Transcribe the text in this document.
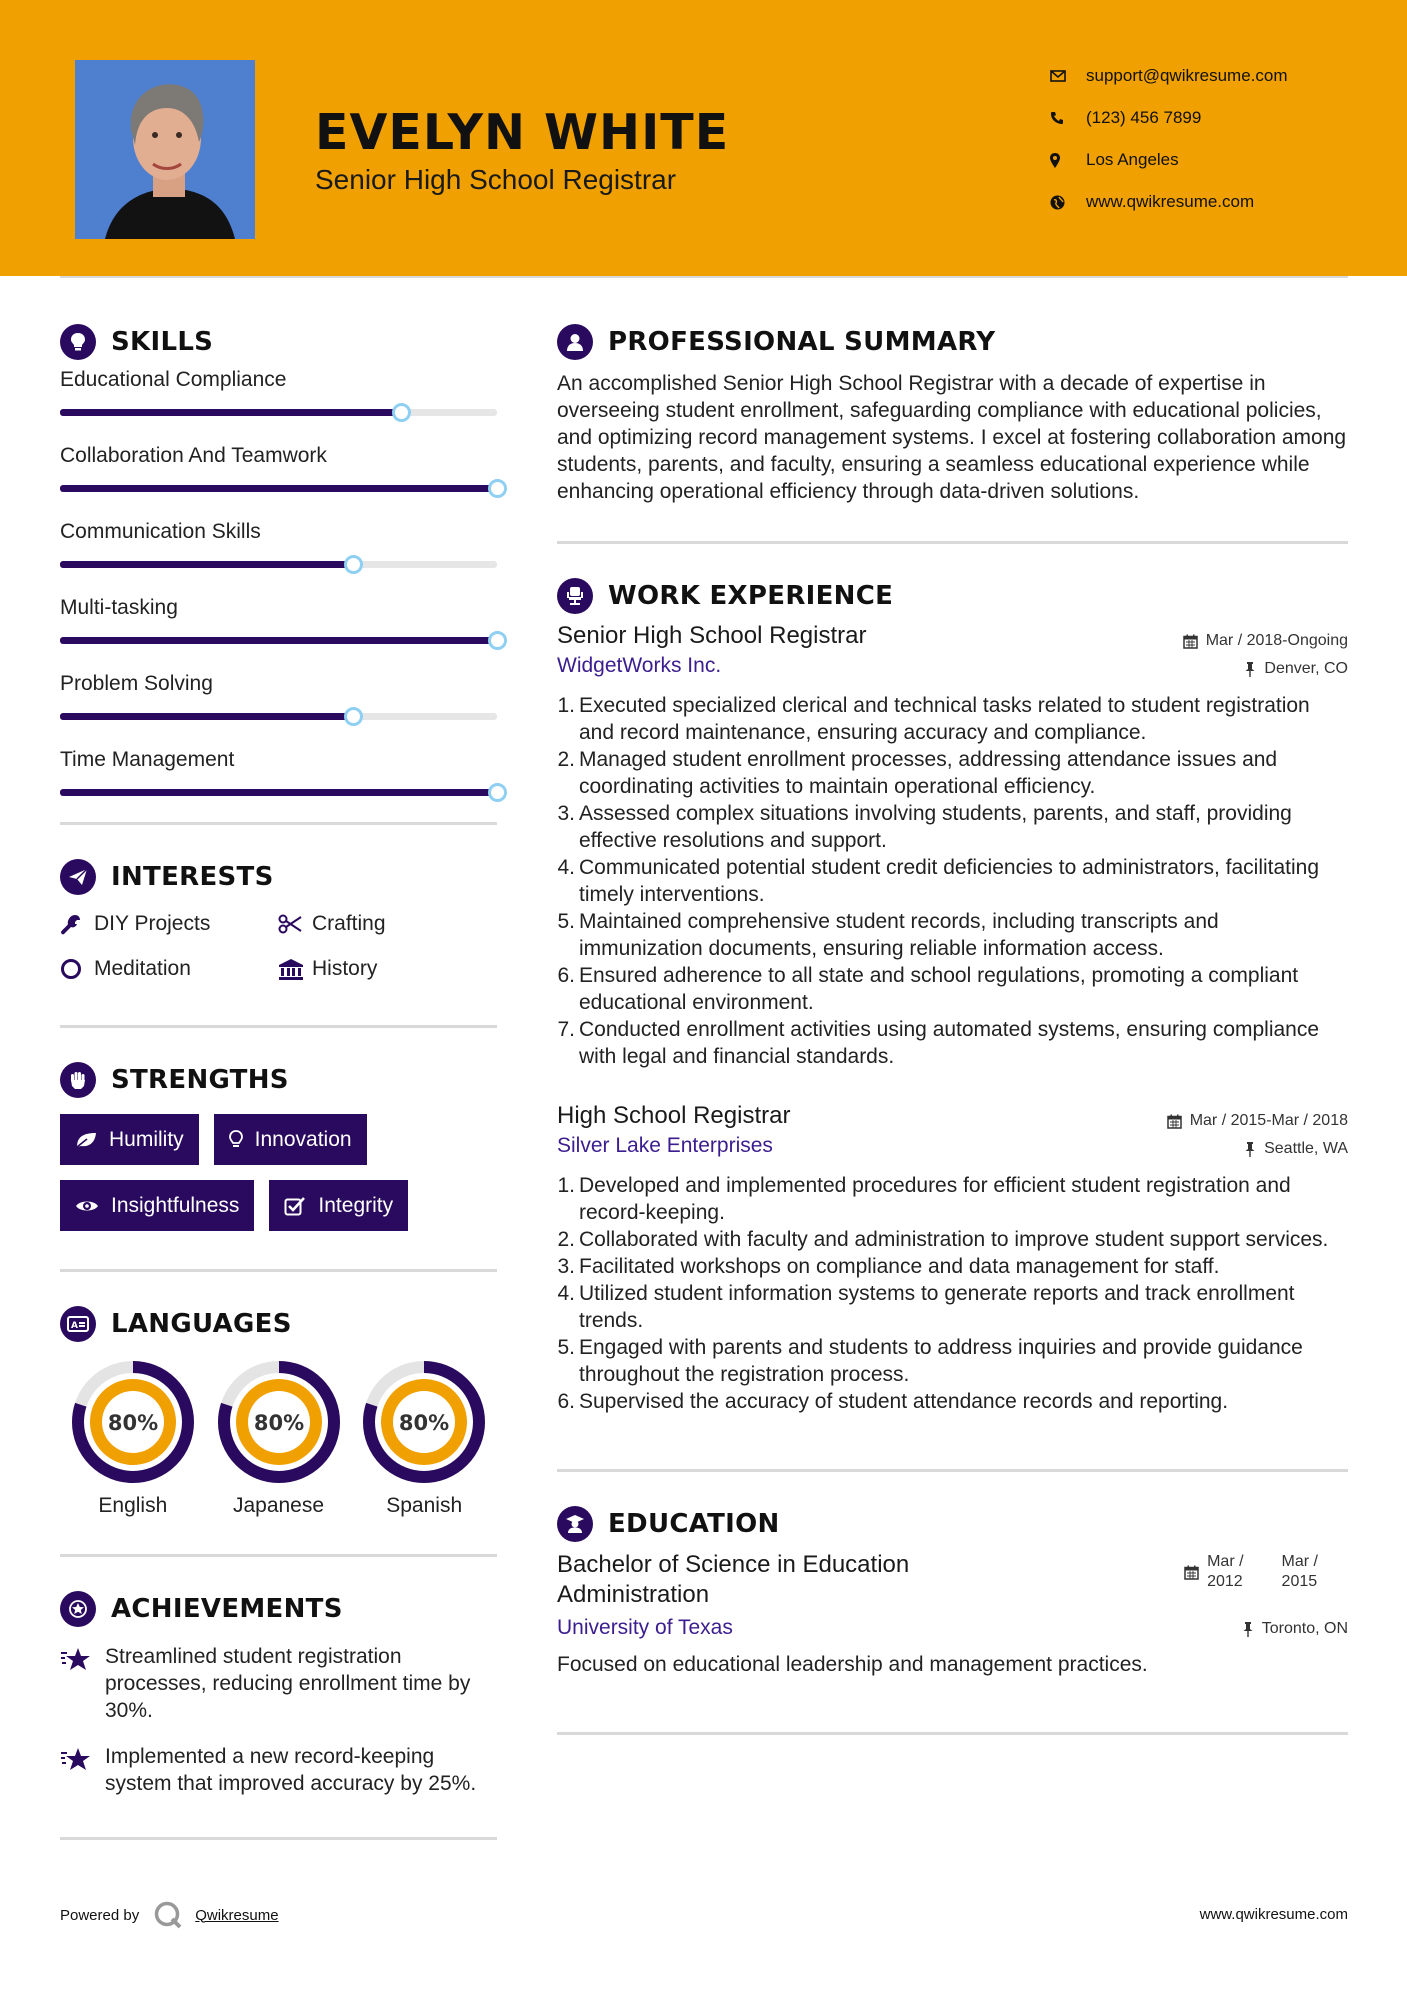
EVELYN WHITE
Senior High School Registrar
support@qwikresume.com
(123) 456 7899
Los Angeles
www.qwikresume.com
SKILLS
Educational Compliance
Collaboration And Teamwork
Communication Skills
Multi-tasking
Problem Solving
Time Management
INTERESTS
DIY Projects	Crafting
Meditation	History
STRENGTHS
Humility	Innovation
Insightfulness	Integrity
A LANGUAGES
80%
English
80%
Japanese
80%
Spanish
ACHIEVEMENTS
Streamlined student registration processes, reducing enrollment time by 30%.
Implemented a new record-keeping system that improved accuracy by 25%.
PROFESSIONAL SUMMARY
An accomplished Senior High School Registrar with a decade of expertise in overseeing student enrollment, safeguarding compliance with educational policies, and optimizing record management systems. I excel at fostering collaboration among students, parents, and faculty, ensuring a seamless educational experience while enhancing operational efficiency through data-driven solutions.
WORK EXPERIENCE
Senior High School Registrar	Mar / 2018-Ongoing
WidgetWorks Inc.	Denver, CO
1. Executed specialized clerical and technical tasks related to student registration and record maintenance, ensuring accuracy and compliance.
2. Managed student enrollment processes, addressing attendance issues and coordinating activities to maintain operational efficiency.
3. Assessed complex situations involving students, parents, and staff, providing effective resolutions and support.
4. Communicated potential student credit deficiencies to administrators, facilitating timely interventions.
5. Maintained comprehensive student records, including transcripts and immunization documents, ensuring reliable information access.
6. Ensured adherence to all state and school regulations, promoting a compliant educational environment.
7. Conducted enrollment activities using automated systems, ensuring compliance with legal and financial standards.
High School Registrar	Mar / 2015-Mar / 2018
Silver Lake Enterprises	Seattle, WA
1. Developed and implemented procedures for efficient student registration and record-keeping.
2. Collaborated with faculty and administration to improve student support services.
3. Facilitated workshops on compliance and data management for staff.
4. Utilized student information systems to generate reports and track enrollment trends.
5. Engaged with parents and students to address inquiries and provide guidance throughout the registration process.
6. Supervised the accuracy of student attendance records and reporting.
EDUCATION
Bachelor of Science in Education
Administration
Mar /
2012
Mar /
2015
University of Texas	Toronto, ON
Focused on educational leadership and management practices.
Powered by	Qwikresume	www.qwikresume.com
